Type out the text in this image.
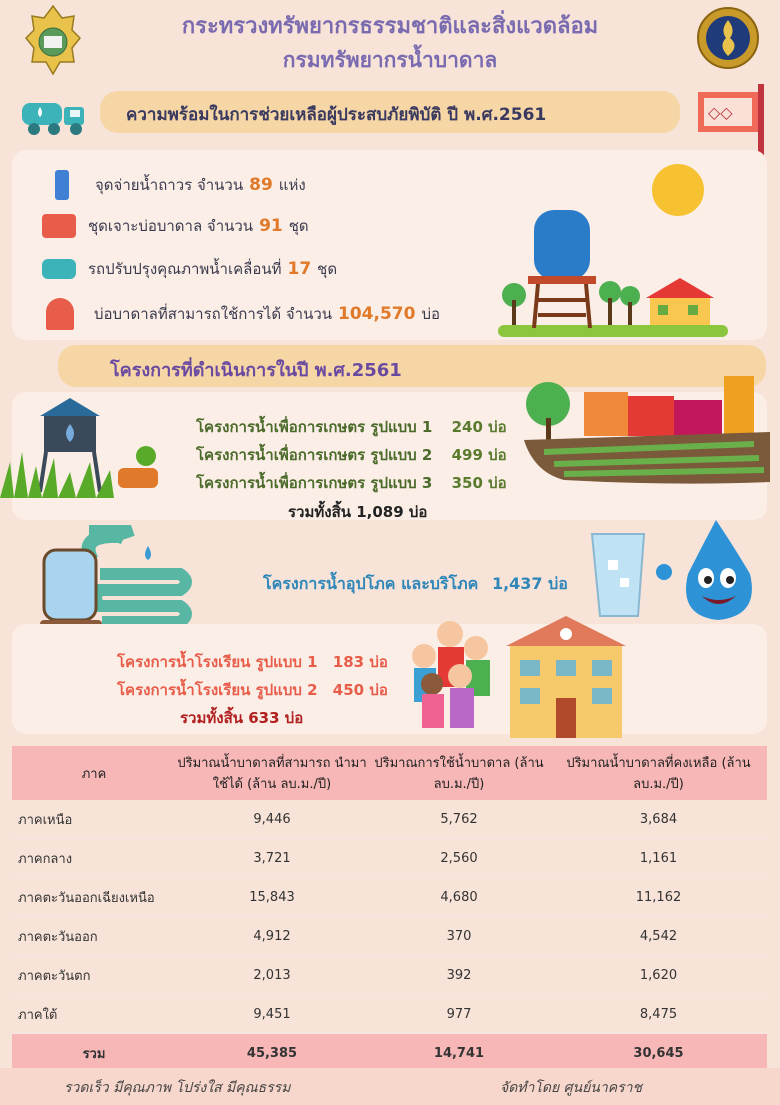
กระทรวงทรัพยากรธรรมชาติและสิ่งแวดล้อม
กรมทรัพยากรน้ำบาดาล
ความพร้อมในการช่วยเหลือผู้ประสบภัยพิบัติ ปี พ.ศ.2561	◇◇
จุดจ่ายน้ำถาวร จำนวน 89 แห่ง
ชุดเจาะบ่อบาดาล จำนวน 91 ชุด
รถปรับปรุงคุณภาพน้ำเคลื่อนที่ 17 ชุด
บ่อบาดาลที่สามารถใช้การได้ จำนวน 104,570 บ่อ
โครงการที่ดำเนินการในปี พ.ศ.2561
โครงการน้ำเพื่อการเกษตร รูปแบบ 1 240 บ่อ
โครงการน้ำเพื่อการเกษตร รูปแบบ 2 499 บ่อ
โครงการน้ำเพื่อการเกษตร รูปแบบ 3 350 บ่อ
รวมทั้งสิ้น 1,089 บ่อ
โครงการน้ำอุปโภค และบริโภค 1,437 บ่อ
โครงการน้ำโรงเรียน รูปแบบ 1 183 บ่อ
โครงการน้ำโรงเรียน รูปแบบ 2 450 บ่อ
รวมทั้งสิ้น 633 บ่อ
ภาค	ปริมาณน้ำบาดาลที่สามารถ นำมาใช้ได้ (ล้าน ลบ.ม./ปี)	ปริมาณการใช้น้ำบาดาล (ล้าน ลบ.ม./ปี)	ปริมาณน้ำบาดาลที่คงเหลือ (ล้าน ลบ.ม./ปี)
ภาคเหนือ	9,446	5,762	3,684
ภาคกลาง	3,721	2,560	1,161
ภาคตะวันออกเฉียงเหนือ	15,843	4,680	11,162
ภาคตะวันออก	4,912	370	4,542
ภาคตะวันตก	2,013	392	1,620
ภาคใต้	9,451	977	8,475
รวม	45,385	14,741	30,645
รวดเร็ว มีคุณภาพ โปร่งใส มีคุณธรรม	จัดทำโดย ศูนย์นาคราช
